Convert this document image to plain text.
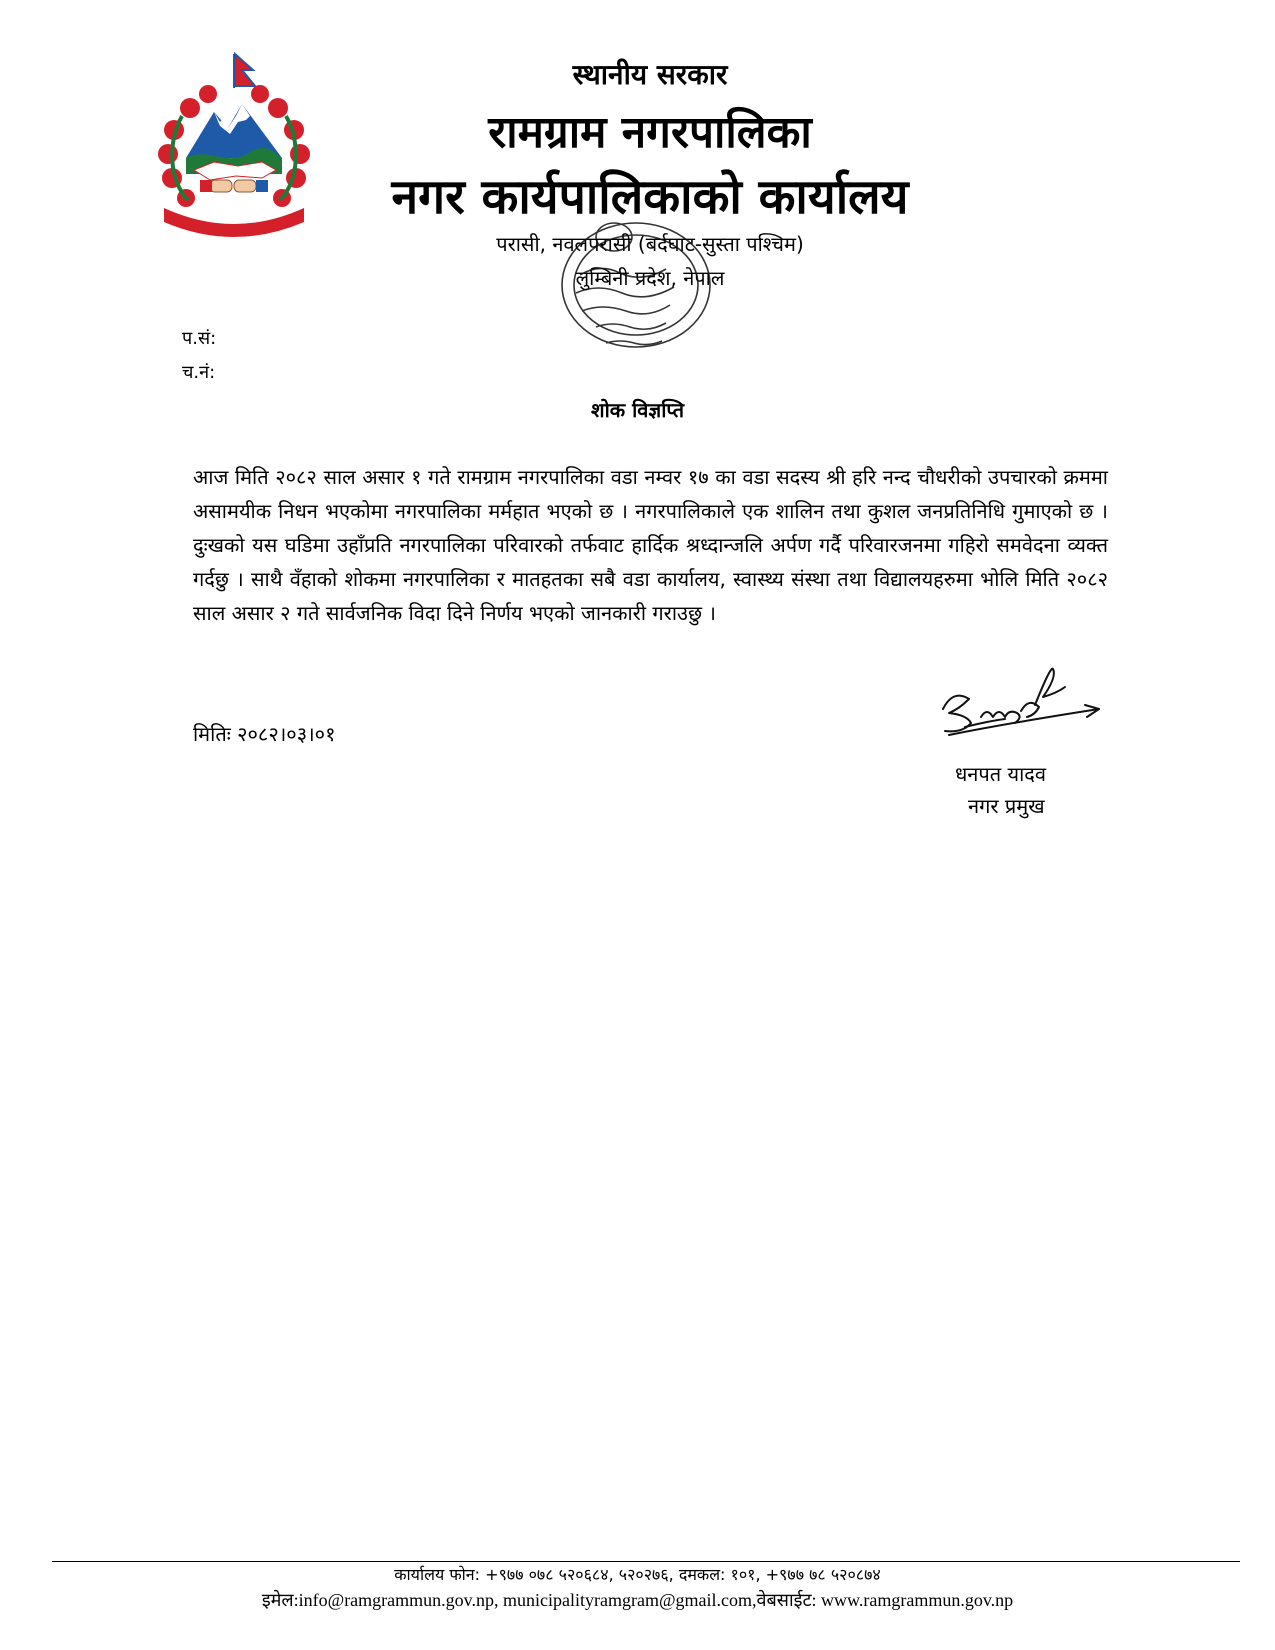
स्थानीय सरकार
रामग्राम नगरपालिका
नगर कार्यपालिकाको कार्यालय
परासी, नवलपरासी (बर्दघाट-सुस्ता पश्चिम)
लुम्बिनी प्रदेश, नेपाल
प.सं:
च.नं:
शोक विज्ञप्ति
आज मिति २०८२ साल असार १ गते रामग्राम नगरपालिका वडा नम्वर १७ का वडा सदस्य श्री हरि नन्द चौधरीको उपचारको क्रममा असामयीक निधन भएकोमा नगरपालिका मर्महात भएको छ । नगरपालिकाले एक शालिन तथा कुशल जनप्रतिनिधि गुमाएको छ । दुःखको यस घडिमा उहाँप्रति नगरपालिका परिवारको तर्फवाट हार्दिक श्रध्दान्जलि अर्पण गर्दै परिवारजनमा गहिरो समवेदना व्यक्त गर्दछु । साथै वँहाको शोकमा नगरपालिका र मातहतका सबै वडा कार्यालय, स्वास्थ्य संस्था तथा विद्यालयहरुमा भोलि मिति २०८२ साल असार २ गते सार्वजनिक विदा दिने निर्णय भएको जानकारी गराउछु ।
मितिः २०८२।०३।०१
धनपत यादव
नगर प्रमुख
कार्यालय फोन: +९७७ ०७८ ५२०६८४, ५२०२७६, दमकल: १०१, +९७७ ७८ ५२०८७४
इमेल:info@ramgrammun.gov.np, municipalityramgram@gmail.com,वेबसाईट: www.ramgrammun.gov.np
